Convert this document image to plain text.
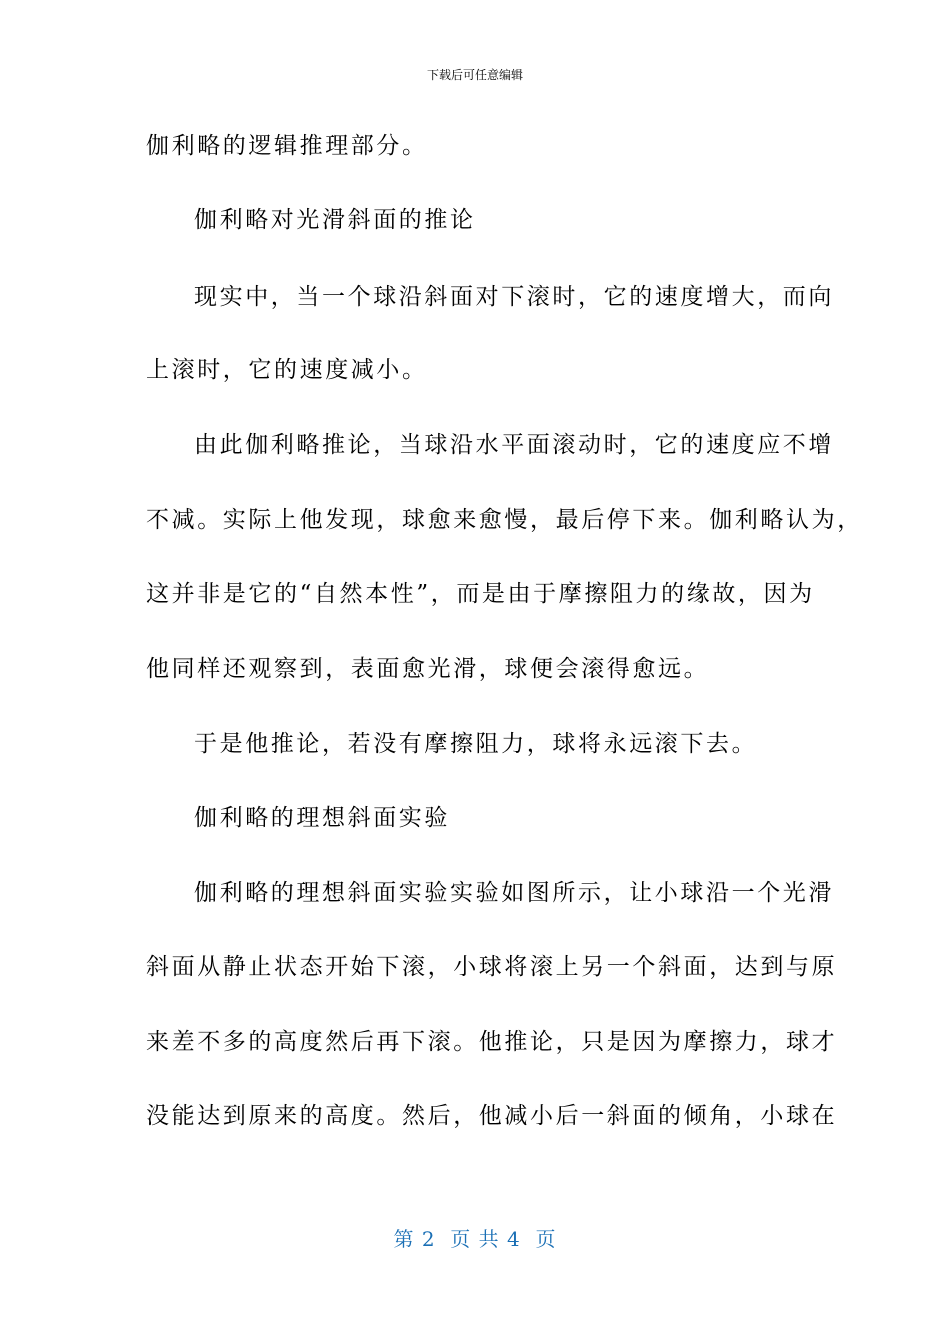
下载后可任意编辑
伽利略的逻辑推理部分。
伽利略对光滑斜面的推论
现实中，当一个球沿斜面对下滚时，它的速度增大，而向
上滚时，它的速度减小。
由此伽利略推论，当球沿水平面滚动时，它的速度应不增
不减。实际上他发现，球愈来愈慢，最后停下来。伽利略认为，
这并非是它的“自然本性”，而是由于摩擦阻力的缘故，因为
他同样还观察到，表面愈光滑，球便会滚得愈远。
于是他推论，若没有摩擦阻力，球将永远滚下去。
伽利略的理想斜面实验
伽利略的理想斜面实验实验如图所示，让小球沿一个光滑
斜面从静止状态开始下滚，小球将滚上另一个斜面，达到与原
来差不多的高度然后再下滚。他推论，只是因为摩擦力，球才
没能达到原来的高度。然后，他减小后一斜面的倾角，小球在
第 2  页 共 4  页
